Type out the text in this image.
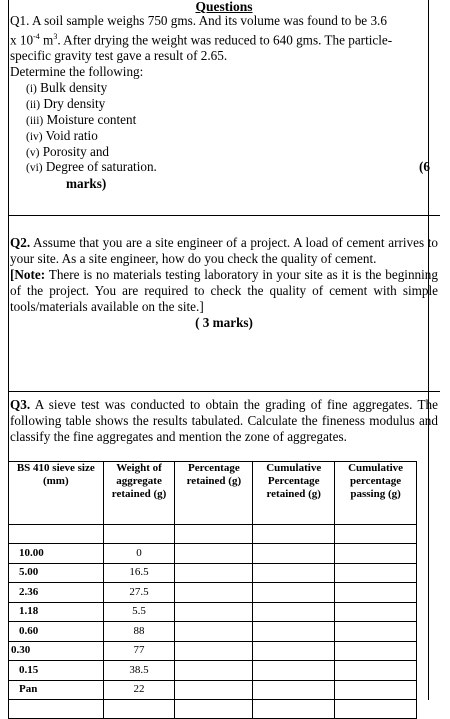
Questions
Q1. A soil sample weighs 750 gms. And its volume was found to be 3.6
x $10^{-4}$ $m^3$. After drying the weight was reduced to 640 gms. The particle-
specific gravity test gave a result of 2.65.
Determine the following:
(i) Bulk density
(ii) Dry density
(iii) Moisture content
(iv) Void ratio
(v) Porosity and
(vi) Degree of saturation.	(6
marks)
Q2. Assume that you are a site engineer of a project. A load of cement arrives to your site. As a site engineer, how do you check the quality of cement.
[Note: There is no materials testing laboratory in your site as it is the beginning of the project. You are required to check the quality of cement with simple tools/materials available on the site.]
( 3 marks)
Q3. A sieve test was conducted to obtain the grading of fine aggregates. The following table shows the results tabulated. Calculate the fineness modulus and classify the fine aggregates and mention the zone of aggregates.
BS 410 sieve size (mm)	Weight of aggregate retained (g)	Percentage retained (g)	Cumulative Percentage retained (g)	Cumulative percentage passing (g)

10.00	0			
5.00	16.5			
2.36	27.5			
1.18	5.5			
0.60	88			
0.30	77			
0.15	38.5			
Pan	22			
